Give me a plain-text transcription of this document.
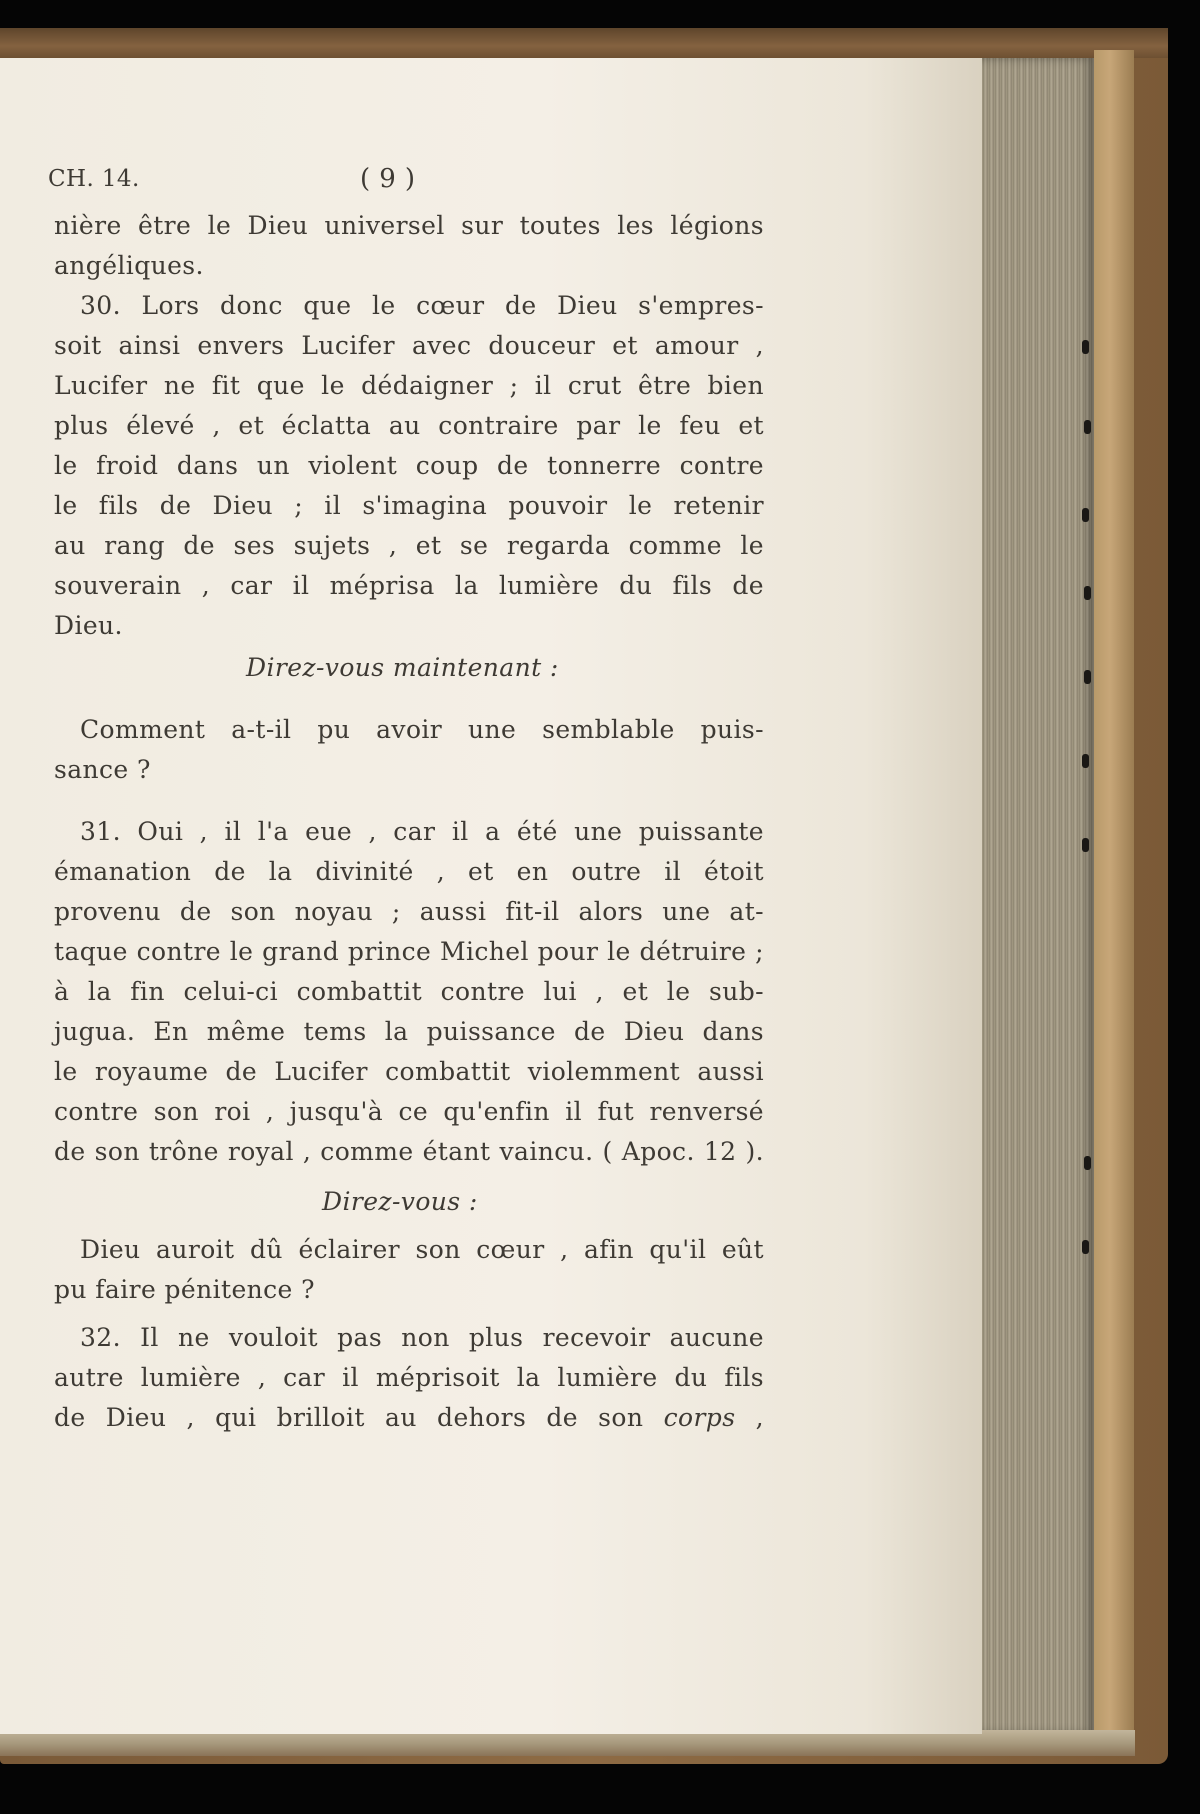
CH. 14.	( 9 )
nière être le Dieu universel sur toutes les légions
angéliques.
30. Lors donc que le cœur de Dieu s'empres-
soit ainsi envers Lucifer avec douceur et amour ,
Lucifer ne fit que le dédaigner ; il crut être bien
plus élevé , et éclatta au contraire par le feu et
le froid dans un violent coup de tonnerre contre
le fils de Dieu ; il s'imagina pouvoir le retenir
au rang de ses sujets , et se regarda comme le
souverain , car il méprisa la lumière du fils de
Dieu.
Direz-vous maintenant :
Comment a-t-il pu avoir une semblable puis-
sance ?
31. Oui , il l'a eue , car il a été une puissante
émanation de la divinité , et en outre il étoit
provenu de son noyau ; aussi fit-il alors une at-
taque contre le grand prince Michel pour le détruire ;
à la fin celui-ci combattit contre lui , et le sub-
jugua. En même tems la puissance de Dieu dans
le royaume de Lucifer combattit violemment aussi
contre son roi , jusqu'à ce qu'enfin il fut renversé
de son trône royal , comme étant vaincu. ( Apoc. 12 ).
Direz-vous :
Dieu auroit dû éclairer son cœur , afin qu'il eût
pu faire pénitence ?
32. Il ne vouloit pas non plus recevoir aucune
autre lumière , car il méprisoit la lumière du fils
de Dieu , qui brilloit au dehors de son corps ,
